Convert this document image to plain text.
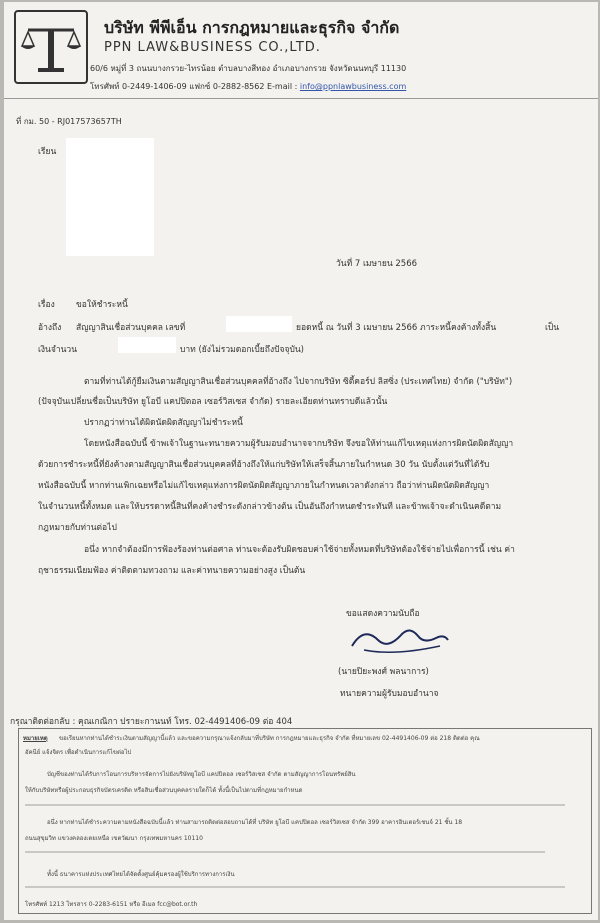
บริษัท พีพีเอ็น การกฎหมายและธุรกิจ จำกัด
PPN LAW&BUSINESS CO.,LTD.
60/6 หมู่ที่ 3 ถนนบางกรวย-ไทรน้อย ตำบลบางสีทอง อำเภอบางกรวย จังหวัดนนทบุรี 11130
โทรศัพท์ 0-2449-1406-09 แฟกซ์ 0-2882-8562 E-mail : info@ppnlawbusiness.com
ที่ กม. 50 - RJ017573657TH
เรียน
วันที่ 7 เมษายน 2566
เรื่อง	ขอให้ชำระหนี้
อ้างถึง สัญญาสินเชื่อส่วนบุคคล เลขที่	ยอดหนี้ ณ วันที่ 3 เมษายน 2566 ภาระหนี้คงค้างทั้งสิ้น	เป็น
เงินจำนวน	บาท (ยังไม่รวมดอกเบี้ยถึงปัจจุบัน)
ตามที่ท่านได้กู้ยืมเงินตามสัญญาสินเชื่อส่วนบุคคลที่อ้างถึง ไปจากบริษัท ซิตี้คอร์ป ลิสซิ่ง (ประเทศไทย) จำกัด ("บริษัท")
(ปัจจุบันเปลี่ยนชื่อเป็นบริษัท ยูโอบี แคปปิตอล เซอร์วิสเซส จำกัด) รายละเอียดท่านทราบดีแล้วนั้น
ปรากฏว่าท่านได้ผิดนัดผิดสัญญาไม่ชำระหนี้
โดยหนังสือฉบับนี้ ข้าพเจ้าในฐานะทนายความผู้รับมอบอำนาจจากบริษัท จึงขอให้ท่านแก้ไขเหตุแห่งการผิดนัดผิดสัญญา
ด้วยการชำระหนี้ที่ยังค้างตามสัญญาสินเชื่อส่วนบุคคลที่อ้างถึงให้แก่บริษัทให้เสร็จสิ้นภายในกำหนด 30 วัน นับตั้งแต่วันที่ได้รับ
หนังสือฉบับนี้ หากท่านเพิกเฉยหรือไม่แก้ไขเหตุแห่งการผิดนัดผิดสัญญาภายในกำหนดเวลาดังกล่าว ถือว่าท่านผิดนัดผิดสัญญา
ในจำนวนหนี้ทั้งหมด และให้บรรดาหนี้สินที่คงค้างชำระดังกล่าวข้างต้น เป็นอันถึงกำหนดชำระทันที และข้าพเจ้าจะดำเนินคดีตาม
กฎหมายกับท่านต่อไป
อนึ่ง หากจำต้องมีการฟ้องร้องท่านต่อศาล ท่านจะต้องรับผิดชอบค่าใช้จ่ายทั้งหมดที่บริษัทต้องใช้จ่ายไปเพื่อการนี้ เช่น ค่า
ฤชาธรรมเนียมฟ้อง ค่าติดตามทวงถาม และค่าทนายความอย่างสูง เป็นต้น
ขอแสดงความนับถือ
(นายปิยะพงศ์ พลนาการ)
ทนายความผู้รับมอบอำนาจ
กรุณาติดต่อกลับ : คุณเกณิกา ปรายะกานนท์ โทร. 02-4491406-09 ต่อ 404
หมายเหตุ ขอเรียนหากท่านได้ชำระเงินตามสัญญานี้แล้ว และขอความกรุณาแจ้งกลับมาที่บริษัท การกฎหมายและธุรกิจ จำกัด ที่หมายเลข 02-4491406-09 ต่อ 218 ติดต่อ คุณ
อัคนีย์ แจ้งจิตร เพื่อดำเนินการแก้ไขต่อไป
บัญชีของท่านได้รับการโอนการบริหารจัดการไปยังบริษัทยูโอบี แคปปิตอล เซอร์วิสเซส จำกัด ตามสัญญาการโอนทรัพย์สิน
ให้กับบริษัทหรือผู้ประกอบธุรกิจบัตรเครดิต หรือสินเชื่อส่วนบุคคลรายใดก็ได้ ทั้งนี้เป็นไปตามที่กฎหมายกำหนด
อนึ่ง หากท่านได้ชำระความตามหนังสือฉบับนี้แล้ว ท่านสามารถติดต่อสอบถามได้ที่ บริษัท ยูโอบี แคปปิตอล เซอร์วิสเซส จำกัด 399 อาคารอินเตอร์เชนจ์ 21 ชั้น 18
ถนนสุขุมวิท แขวงคลองเตยเหนือ เขตวัฒนา กรุงเทพมหานคร 10110
ทั้งนี้ ธนาคารแห่งประเทศไทยได้จัดตั้งศูนย์คุ้มครองผู้ใช้บริการทางการเงิน
โทรศัพท์ 1213 โทรสาร 0-2283-6151 หรือ อีเมล fcc@bot.or.th
